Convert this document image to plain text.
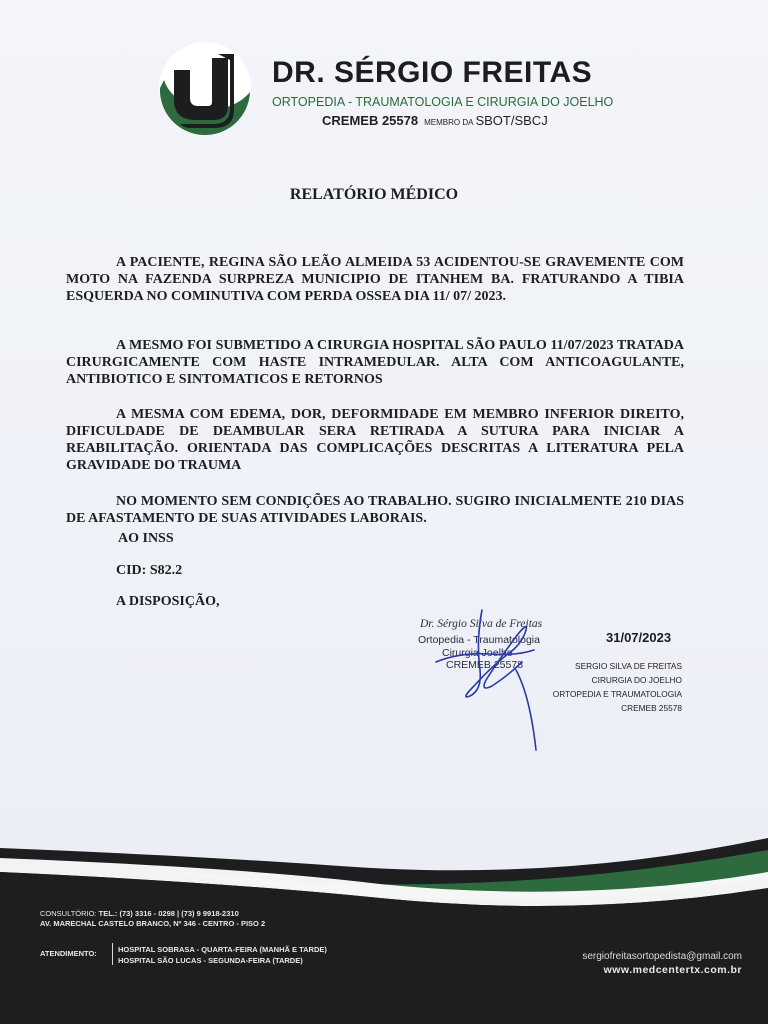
DR. SÉRGIO FREITAS
ORTOPEDIA - TRAUMATOLOGIA E CIRURGIA DO JOELHO
CREMEB 25578 MEMBRO DA SBOT/SBCJ
RELATÓRIO MÉDICO

A PACIENTE, REGINA SÃO LEÃO ALMEIDA 53 ACIDENTOU-SE GRAVEMENTE COM MOTO NA FAZENDA SURPREZA MUNICIPIO DE ITANHEM BA. FRATURANDO A TIBIA ESQUERDA NO COMINUTIVA COM PERDA OSSEA DIA 11/ 07/ 2023.

A MESMO FOI SUBMETIDO A CIRURGIA HOSPITAL SÃO PAULO 11/07/2023 TRATADA CIRURGICAMENTE COM HASTE INTRAMEDULAR. ALTA COM ANTICOAGULANTE, ANTIBIOTICO E SINTOMATICOS E RETORNOS

A MESMA COM EDEMA, DOR, DEFORMIDADE EM MEMBRO INFERIOR DIREITO, DIFICULDADE DE DEAMBULAR SERA RETIRADA A SUTURA PARA INICIAR A REABILITAÇÃO. ORIENTADA DAS COMPLICAÇÕES DESCRITAS A LITERATURA PELA GRAVIDADE DO TRAUMA

NO MOMENTO SEM CONDIÇÕES AO TRABALHO. SUGIRO INICIALMENTE 210 DIAS DE AFASTAMENTO DE SUAS ATIVIDADES LABORAIS.

AO INSS
CID: S82.2
A DISPOSIÇÃO,
Dr. Sérgio Silva de Freitas
Ortopedia - Traumatologia
Cirurgia Joelho
CREMEB 25578
31/07/2023
SERGIO SILVA DE FREITAS
CIRURGIA DO JOELHO
ORTOPEDIA E TRAUMATOLOGIA
CREMEB 25578
CONSULTÓRIO: TEL.: (73) 3316 - 0298 | (73) 9 9918-2310
AV. MARECHAL CASTELO BRANCO, Nº 346 - CENTRO - PISO 2
ATENDIMENTO:	HOSPITAL SOBRASA - QUARTA-FEIRA (MANHÃ E TARDE)
HOSPITAL SÃO LUCAS - SEGUNDA-FEIRA (TARDE)	sergiofreitasortopedista@gmail.com
www.medcentertx.com.br
